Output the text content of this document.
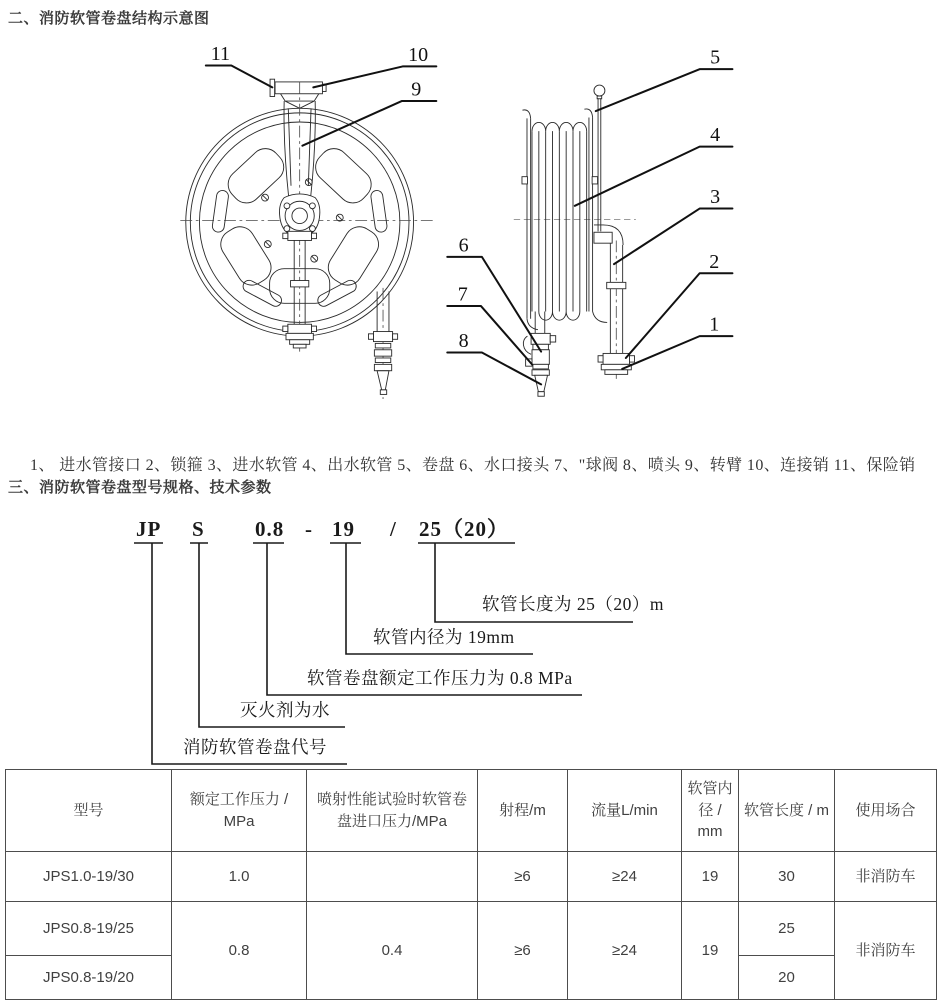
二、消防软管卷盘结构示意图
11	10
9
5
4
3
2
1
6
7
8
1、 进水管接口 2、锁箍 3、进水软管 4、出水软管 5、卷盘 6、水口接头 7、"球阀 8、喷头 9、转臂 10、连接销 11、保险销
三、消防软管卷盘型号规格、技术参数
JP S 0.8 - 19 / 25（20）
软管长度为 25（20）m
软管内径为 19mm
软管卷盘额定工作压力为 0.8 MPa
灭火剂为水
消防软管卷盘代号
型号	额定工作压力 / MPa	喷射性能试验时软管卷盘进口压力/MPa	射程/m	流量L/min	软管内径 / mm	软管长度 / m	使用场合
JPS1.0-19/30	1.0		≥6	≥24	19	30	非消防车
JPS0.8-19/25	0.8	0.4	≥6	≥24	19	25	非消防车
JPS0.8-19/20						20	
